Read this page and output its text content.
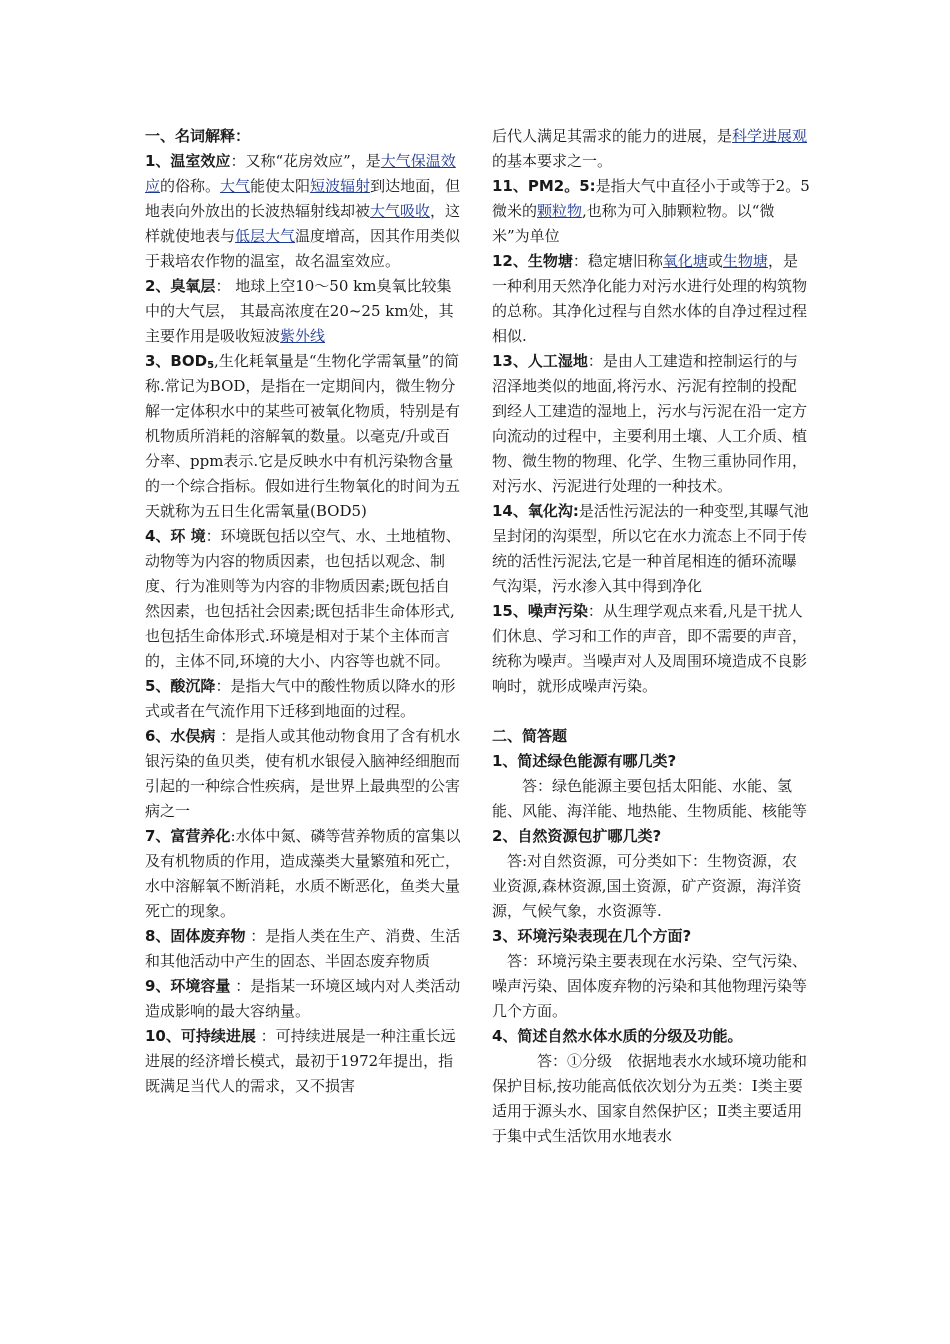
一、名词解释：

1、温室效应：又称“花房效应”，是大气保温效应的俗称。大气能使太阳短波辐射到达地面，但地表向外放出的长波热辐射线却被大气吸收，这样就使地表与低层大气温度增高，因其作用类似于栽培农作物的温室，故名温室效应。

2、臭氧层： 地球上空10～50 km臭氧比较集中的大气层， 其最高浓度在20~25 km处，其主要作用是吸收短波紫外线

3、$BOD_5$,生化耗氧量是“生物化学需氧量”的简称.常记为BOD，是指在一定期间内，微生物分解一定体积水中的某些可被氧化物质，特别是有机物质所消耗的溶解氧的数量。以毫克/升或百分率、ppm表示.它是反映水中有机污染物含量的一个综合指标。假如进行生物氧化的时间为五天就称为五日生化需氧量(BOD5)

4、环 境：环境既包括以空气、水、土地植物、动物等为内容的物质因素，也包括以观念、制度、行为准则等为内容的非物质因素;既包括自然因素，也包括社会因素;既包括非生命体形式,也包括生命体形式.环境是相对于某个主体而言的，主体不同,环境的大小、内容等也就不同。

5、酸沉降：是指大气中的酸性物质以降水的形式或者在气流作用下迁移到地面的过程。

6、水俣病 ：是指人或其他动物食用了含有机水银污染的鱼贝类，使有机水银侵入脑神经细胞而引起的一种综合性疾病，是世界上最典型的公害病之一

7、富营养化:水体中氮、磷等营养物质的富集以及有机物质的作用，造成藻类大量繁殖和死亡，水中溶解氧不断消耗，水质不断恶化，鱼类大量死亡的现象。

8、固体废弃物 ：是指人类在生产、消费、生活和其他活动中产生的固态、半固态废弃物质

9、环境容量 ：是指某一环境区域内对人类活动造成影响的最大容纳量。

10、可持续进展 ：可持续进展是一种注重长远进展的经济增长模式，最初于1972年提出，指既满足当代人的需求，又不损害

后代人满足其需求的能力的进展，是科学进展观的基本要求之一。

11、PM2。5:是指大气中直径小于或等于2。5微米的颗粒物,也称为可入肺颗粒物。以“微米”为单位

12、生物塘：稳定塘旧称氧化塘或生物塘，是一种利用天然净化能力对污水进行处理的构筑物的总称。其净化过程与自然水体的自净过程过程相似.

13、人工湿地：是由人工建造和控制运行的与沼泽地类似的地面,将污水、污泥有控制的投配到经人工建造的湿地上，污水与污泥在沿一定方向流动的过程中，主要利用土壤、人工介质、植物、微生物的物理、化学、生物三重协同作用，对污水、污泥进行处理的一种技术。

14、氧化沟:是活性污泥法的一种变型,其曝气池呈封闭的沟渠型，所以它在水力流态上不同于传统的活性污泥法,它是一种首尾相连的循环流曝气沟渠，污水渗入其中得到净化

15、噪声污染：从生理学观点来看,凡是干扰人们休息、学习和工作的声音，即不需要的声音，统称为噪声。当噪声对人及周围环境造成不良影响时，就形成噪声污染。

二、简答题

1、简述绿色能源有哪几类?

　　答：绿色能源主要包括太阳能、水能、氢能、风能、海洋能、地热能、生物质能、核能等

2、自然资源包扩哪几类?

　答:对自然资源，可分类如下：生物资源，农业资源,森林资源,国土资源，矿产资源，海洋资源，气候气象，水资源等.

3、环境污染表现在几个方面?

　答：环境污染主要表现在水污染、空气污染、噪声污染、固体废弃物的污染和其他物理污染等几个方面。

4、简述自然水体水质的分级及功能。

　　　答：①分级　依据地表水水域环境功能和保护目标,按功能高低依次划分为五类：Ⅰ类主要适用于源头水、国家自然保护区；Ⅱ类主要适用于集中式生活饮用水地表水
